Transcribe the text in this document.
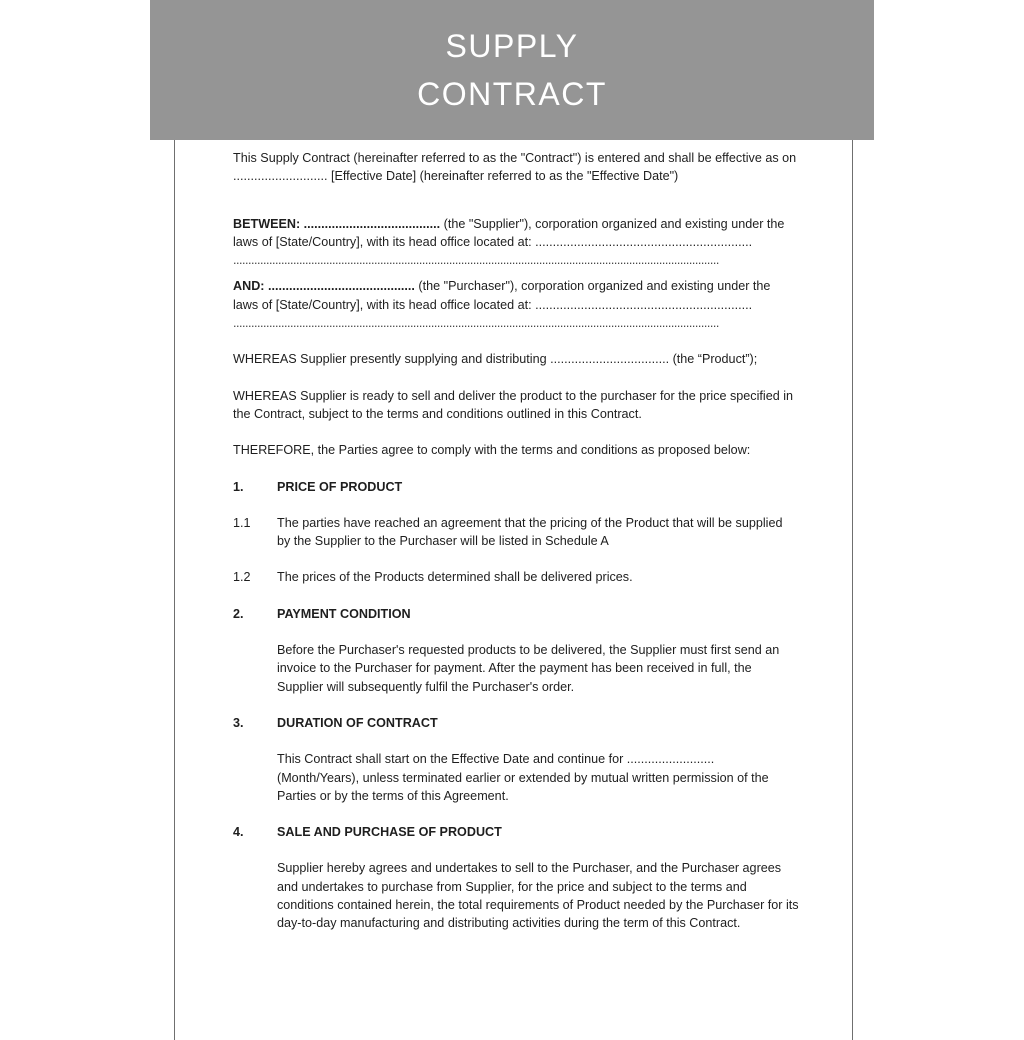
SUPPLY
CONTRACT

This Supply Contract (hereinafter referred to as the "Contract") is entered and shall be effective as on ........................... [Effective Date] (hereinafter referred to as the "Effective Date")

BETWEEN: ....................................... (the "Supplier"), corporation organized and existing under the laws of [State/Country], with its head office located at: ..............................................................

..................................................................................................................................................................

AND: .......................................... (the "Purchaser"), corporation organized and existing under the laws of [State/Country], with its head office located at: ..............................................................

..................................................................................................................................................................

WHEREAS Supplier presently supplying and distributing .................................. (the “Product”);

WHEREAS Supplier is ready to sell and deliver the product to the purchaser for the price specified in the Contract, subject to the terms and conditions outlined in this Contract.

THEREFORE, the Parties agree to comply with the terms and conditions as proposed below:

1.	PRICE OF PRODUCT
1.1	The parties have reached an agreement that the pricing of the Product that will be supplied by the Supplier to the Purchaser will be listed in Schedule A
1.2	The prices of the Products determined shall be delivered prices.
2.	PAYMENT CONDITION

Before the Purchaser's requested products to be delivered, the Supplier must first send an invoice to the Purchaser for payment. After the payment has been received in full, the Supplier will subsequently fulfil the Purchaser's order.

3.	DURATION OF CONTRACT

This Contract shall start on the Effective Date and continue for ......................... (Month/Years), unless terminated earlier or extended by mutual written permission of the Parties or by the terms of this Agreement.

4.	SALE AND PURCHASE OF PRODUCT

Supplier hereby agrees and undertakes to sell to the Purchaser, and the Purchaser agrees and undertakes to purchase from Supplier, for the price and subject to the terms and conditions contained herein, the total requirements of Product needed by the Purchaser for its day-to-day manufacturing and distributing activities during the term of this Contract.
